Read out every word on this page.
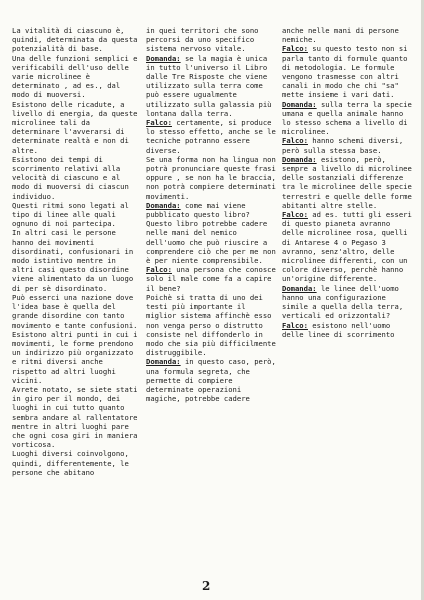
La vitalità di ciascuno è, quindi, determinata da questa potenzialità di base.

Una delle funzioni semplici e verificabili dell'uso delle varie microlinee è determinato , ad es., dal modo di muoversi.

Esistono delle ricadute, a livello di energia, da queste microlinee tali da determinare l'avverarsi di determinate realtà e non di altre.

Esistono dei tempi di scorrimento relativi alla velocità di ciascuno e al modo di muoversi di ciascun individuo.

Questi ritmi sono legati al tipo di linee alle quali ognuno di noi partecipa.

In altri casi le persone hanno dei movimenti disordinati, confusionari in modo istintivo mentre in altri casi questo disordine viene alimentato da un luogo di per sè disordinato.

Può esserci una nazione dove l'idea base è quella del grande disordine con tanto movimento e tante confusioni.

Esistono altri punti in cui i movimenti, le forme prendono un indirizzo più organizzato e ritmi diversi anche rispetto ad altri luoghi vicini.

Avrete notato, se siete stati in giro per il mondo, dei luoghi in cui tutto quanto sembra andare al rallentatore mentre in altri luoghi pare che ogni cosa giri in maniera vorticosa.

Luoghi diversi coinvolgono, quindi, differentemente, le persone che abitano

in quei territori che sono percorsi da uno specifico sistema nervoso vitale.

Domanda: se la magia è unica in tutto l'universo il Libro dalle Tre Risposte che viene utilizzato sulla terra come può essere ugualmente utilizzato sulla galassia più lontana dalla terra.

Falco: certamente, si produce lo stesso effetto, anche se le tecniche potranno essere diverse.

Se una forma non ha lingua non potrà pronunciare queste frasi oppure , se non ha le braccia, non potrà compiere determinati movimenti.

Domanda: come mai viene pubblicato questo libro? Questo libro potrebbe cadere nelle mani del nemico dell'uomo che può riuscire a comprendere ciò che per me non è per niente comprensibile.

Falco: una persona che conosce solo il male come fa a capire il bene?

Poichè si tratta di uno dei testi più importante il miglior sistema affinchè esso non venga perso o distrutto consiste nel diffonderlo in modo che sia più difficilmente distruggibile.

Domanda: in questo caso, però, una formula segreta, che permette di compiere determinate operazioni magiche, potrebbe cadere

anche nelle mani di persone nemiche.

Falco: su questo testo non si parla tanto di formule quanto di metodologia. Le formule vengono trasmesse con altri canali in modo che chi "sa" mette insieme i vari dati.

Domanda: sulla terra la specie umana e quella animale hanno lo stesso schema a livello di microlinee.

Falco: hanno schemi diversi, però sulla stessa base.

Domanda: esistono, però, sempre a livello di microlinee delle sostanziali differenze tra le microlinee delle specie terrestri e quelle delle forme abitanti altre stelle.

Falco: ad es. tutti gli esseri di questo pianeta avranno delle microlinee rosa, quelli di Antarese 4 o Pegaso 3 avranno, senz'altro, delle microlinee differenti, con un colore diverso, perchè hanno un'origine differente.

Domanda: le linee dell'uomo hanno una configurazione simile a quella della terra, verticali ed orizzontali?

Falco: esistono nell'uomo delle linee di scorrimento

2
